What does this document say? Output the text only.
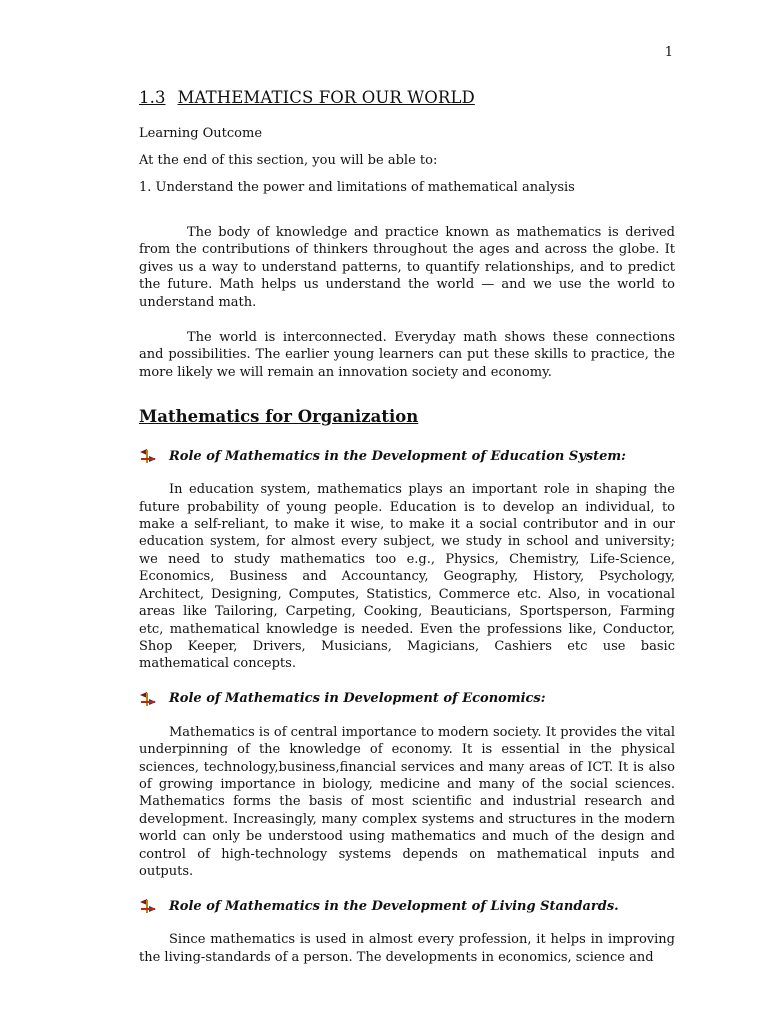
1
1.3 MATHEMATICS FOR OUR WORLD

Learning Outcome

At the end of this section, you will be able to:

1. Understand the power and limitations of mathematical analysis

The body of knowledge and practice known as mathematics is derived from the contributions of thinkers throughout the ages and across the globe. It gives us a way to understand patterns, to quantify relationships, and to predict the future. Math helps us understand the world — and we use the world to understand math.

The world is interconnected. Everyday math shows these connections and possibilities. The earlier young learners can put these skills to practice, the more likely we will remain an innovation society and economy.

Mathematics for Organization
Role of Mathematics in the Development of Education System:

In education system, mathematics plays an important role in shaping the future probability of young people. Education is to develop an individual, to make a self-reliant, to make it wise, to make it a social contributor and in our education system, for almost every subject, we study in school and university; we need to study mathematics too e.g., Physics, Chemistry, Life-Science, Economics, Business and Accountancy, Geography, History, Psychology, Architect, Designing, Computes, Statistics, Commerce etc. Also, in vocational areas like Tailoring, Carpeting, Cooking, Beauticians, Sportsperson, Farming etc, mathematical knowledge is needed. Even the professions like, Conductor, Shop Keeper, Drivers, Musicians, Magicians, Cashiers etc use basic mathematical concepts.

Role of Mathematics in Development of Economics:

Mathematics is of central importance to modern society. It provides the vital underpinning of the knowledge of economy. It is essential in the physical sciences, technology,business,financial services and many areas of ICT. It is also of growing importance in biology, medicine and many of the social sciences. Mathematics forms the basis of most scientific and industrial research and development. Increasingly, many complex systems and structures in the modern world can only be understood using mathematics and much of the design and control of high-technology systems depends on mathematical inputs and outputs.

Role of Mathematics in the Development of Living Standards.

Since mathematics is used in almost every profession, it helps in improving the living-standards of a person. The developments in economics, science and
